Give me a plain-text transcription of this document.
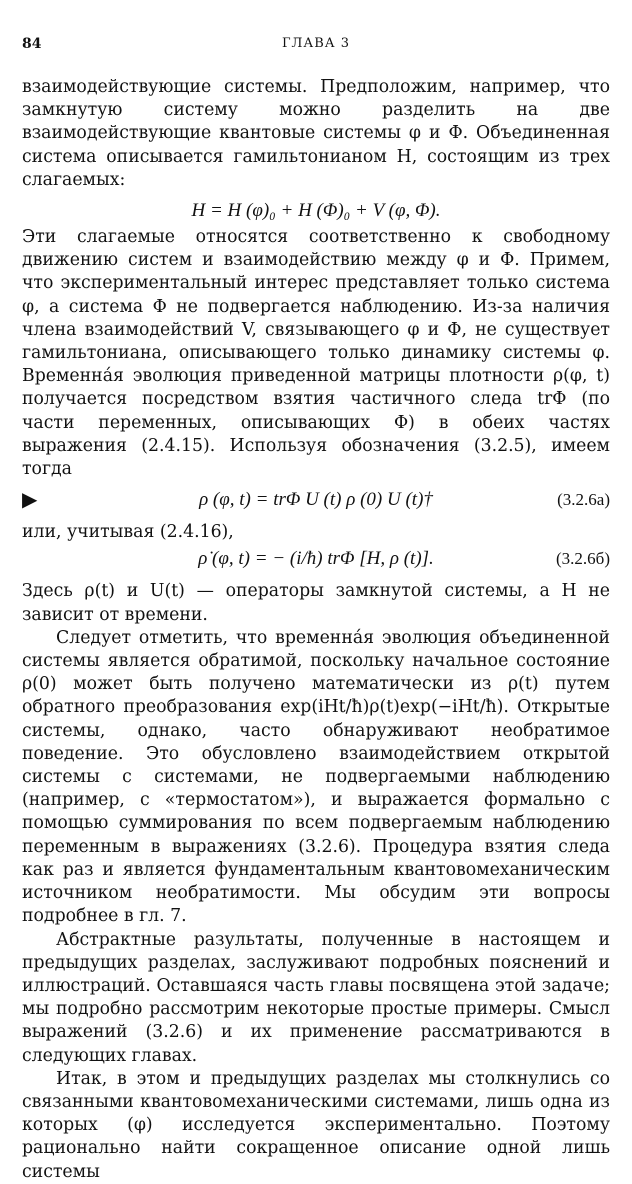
84	ГЛАВА 3

взаимодействующие системы. Предположим, например, что замкнутую систему можно разделить на две взаимодействующие квантовые системы φ и Φ. Объединенная система описывается гамильтонианом H, состоящим из трех слагаемых:

H = H (φ)₀ + H (Φ)₀ + V (φ, Φ).

Эти слагаемые относятся соответственно к свободному движению систем и взаимодействию между φ и Φ. Примем, что экспериментальный интерес представляет только система φ, а система Φ не подвергается наблюдению. Из-за наличия члена взаимодействий V, связывающего φ и Φ, не существует гамильтониана, описывающего только динамику системы φ. Временнáя эволюция приведенной матрицы плотности ρ(φ, t) получается посредством взятия частичного следа trΦ (по части переменных, описывающих Φ) в обеих частях выражения (2.4.15). Используя обозначения (3.2.5), имеем тогда

▶	ρ (φ, t) = trΦ U (t) ρ (0) U (t)†	(3.2.6а)

или, учитывая (2.4.16),

ρ̇ (φ, t) = − (i/ħ) trΦ [H, ρ (t)].	(3.2.6б)

Здесь ρ(t) и U(t) — операторы замкнутой системы, а H не зависит от времени.

Следует отметить, что временнáя эволюция объединенной системы является обратимой, поскольку начальное состояние ρ(0) может быть получено математически из ρ(t) путем обратного преобразования exp(iHt/ħ)ρ(t)exp(−iHt/ħ). Открытые системы, однако, часто обнаруживают необратимое поведение. Это обусловлено взаимодействием открытой системы с системами, не подвергаемыми наблюдению (например, с «термостатом»), и выражается формально с помощью суммирования по всем подвергаемым наблюдению переменным в выражениях (3.2.6). Процедура взятия следа как раз и является фундаментальным квантовомеханическим источником необратимости. Мы обсудим эти вопросы подробнее в гл. 7.

Абстрактные разультаты, полученные в настоящем и предыдущих разделах, заслуживают подробных пояснений и иллюстраций. Оставшаяся часть главы посвящена этой задаче; мы подробно рассмотрим некоторые простые примеры. Смысл выражений (3.2.6) и их применение рассматриваются в следующих главах.

Итак, в этом и предыдущих разделах мы столкнулись со связанными квантовомеханическими системами, лишь одна из которых (φ) исследуется экспериментально. Поэтому рационально найти сокращенное описание одной лишь системы
